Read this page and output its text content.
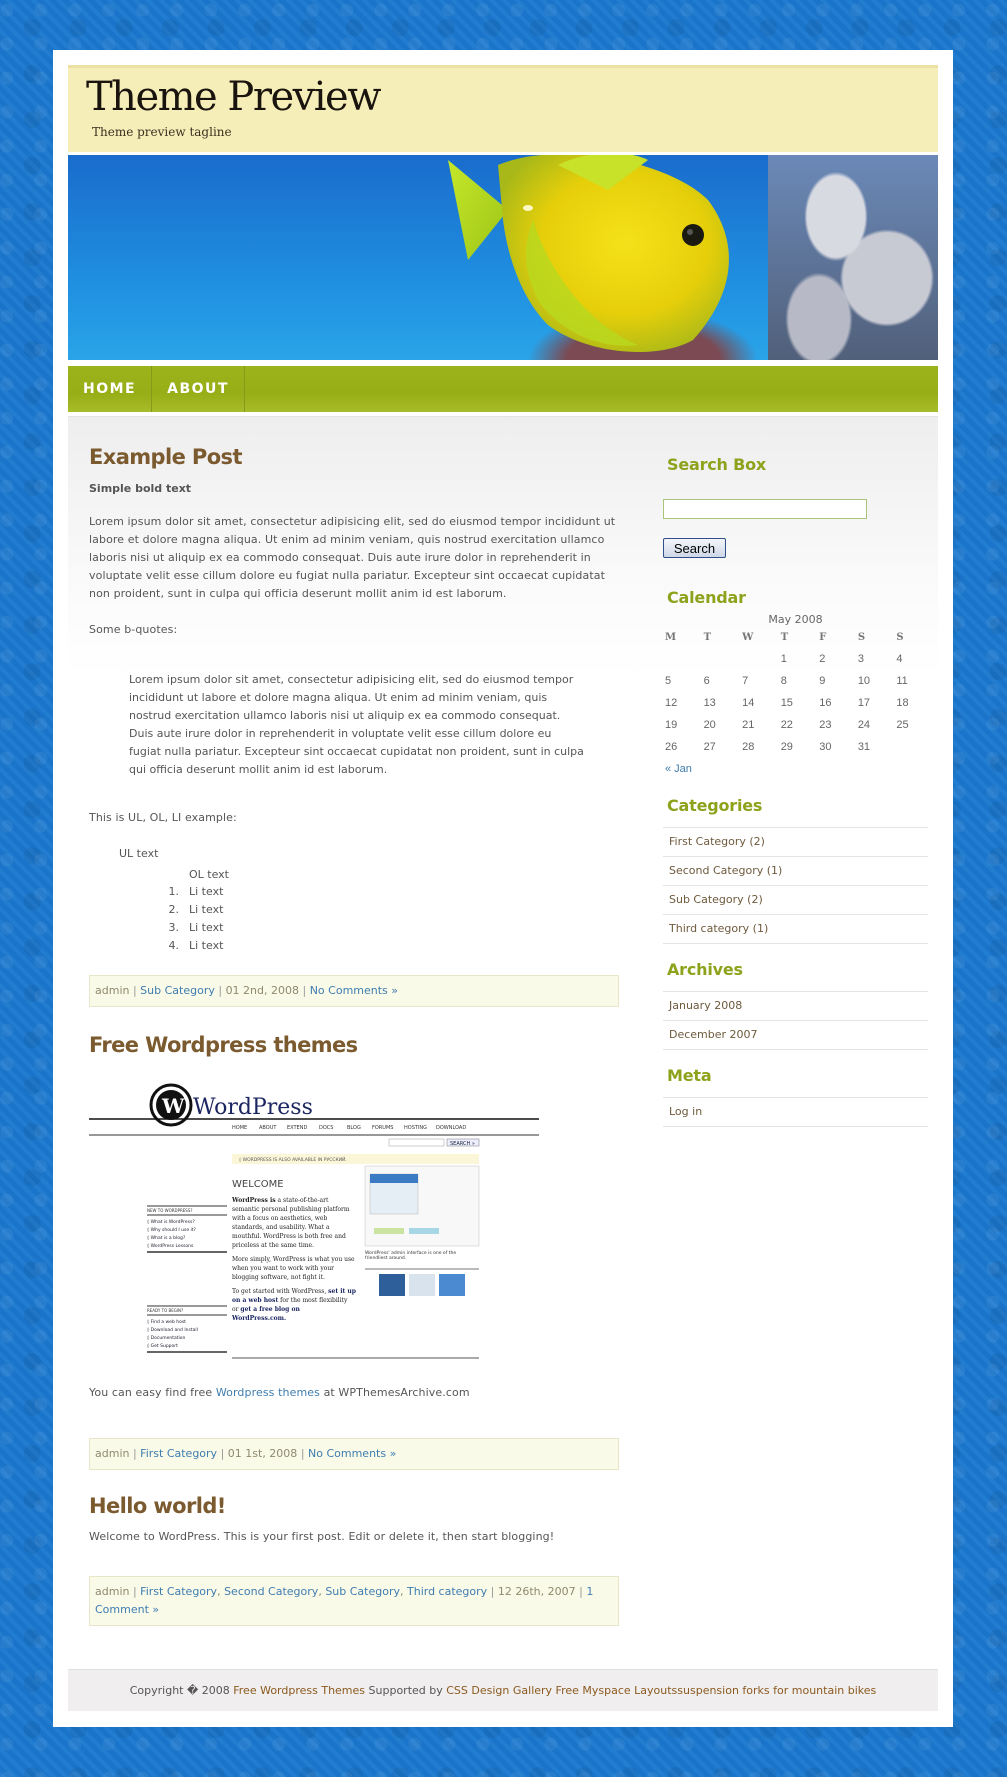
Theme Preview
Theme preview tagline
HOME	ABOUT
Example Post
Simple bold text

Lorem ipsum dolor sit amet, consectetur adipisicing elit, sed do eiusmod tempor incididunt ut labore et dolore magna aliqua. Ut enim ad minim veniam, quis nostrud exercitation ullamco laboris nisi ut aliquip ex ea commodo consequat. Duis aute irure dolor in reprehenderit in voluptate velit esse cillum dolore eu fugiat nulla pariatur. Excepteur sint occaecat cupidatat non proident, sunt in culpa qui officia deserunt mollit anim id est laborum.

Some b-quotes:

Lorem ipsum dolor sit amet, consectetur adipisicing elit, sed do eiusmod tempor incididunt ut labore et dolore magna aliqua. Ut enim ad minim veniam, quis nostrud exercitation ullamco laboris nisi ut aliquip ex ea commodo consequat. Duis aute irure dolor in reprehenderit in voluptate velit esse cillum dolore eu fugiat nulla pariatur. Excepteur sint occaecat cupidatat non proident, sunt in culpa qui officia deserunt mollit anim id est laborum.

This is UL, OL, LI example:

UL text
OL text
1. Li text
2. Li text
3. Li text
4. Li text
admin | Sub Category | 01 2nd, 2008 | No Comments »
Free Wordpress themes
W WordPress
HOME ABOUT EXTEND DOCS	BLOG FORUMS HOSTING DOWNLOAD
SEARCH »
◊ WORDPRESS IS ALSO AVAILABLE IN РУССКИЙ.
WELCOME
WordPress' admin interface is one of the
friendliest around.
NEW TO WORDPRESS?
◊ What is WordPress?
◊ Why should I use it?
◊ What is a blog?
◊ WordPress Lessons
READY TO BEGIN?
◊ Find a web host
◊ Download and Install
◊ Documentation
◊ Get Support
WordPress is a state-of-the-art
semantic personal publishing platform
with a focus on aesthetics, web
standards, and usability. What a
mouthful. WordPress is both free and
priceless at the same time.
More simply, WordPress is what you use
when you want to work with your
blogging software, not fight it.
To get started with WordPress, set it up
on a web host for the most flexibility
or get a free blog on
WordPress.com.

You can easy find free Wordpress themes at WPThemesArchive.com

admin | First Category | 01 1st, 2008 | No Comments »
Hello world!

Welcome to WordPress. This is your first post. Edit or delete it, then start blogging!

admin | First Category, Second Category, Sub Category, Third category | 12 26th, 2007 | 1 Comment »
Search Box
Search
Calendar
May 2008
M	T	W	T	F	S	S
			1	2	3	4
5	6	7	8	9	10	11
12	13	14	15	16	17	18
19	20	21	22	23	24	25
26	27	28	29	30	31	
« Jan						
Categories
First Category (2)
Second Category (1)
Sub Category (2)
Third category (1)
Archives
January 2008
December 2007
Meta
Log in
Copyright � 2008 Free Wordpress Themes Supported by CSS Design Gallery Free Myspace Layoutssuspension forks for mountain bikes
